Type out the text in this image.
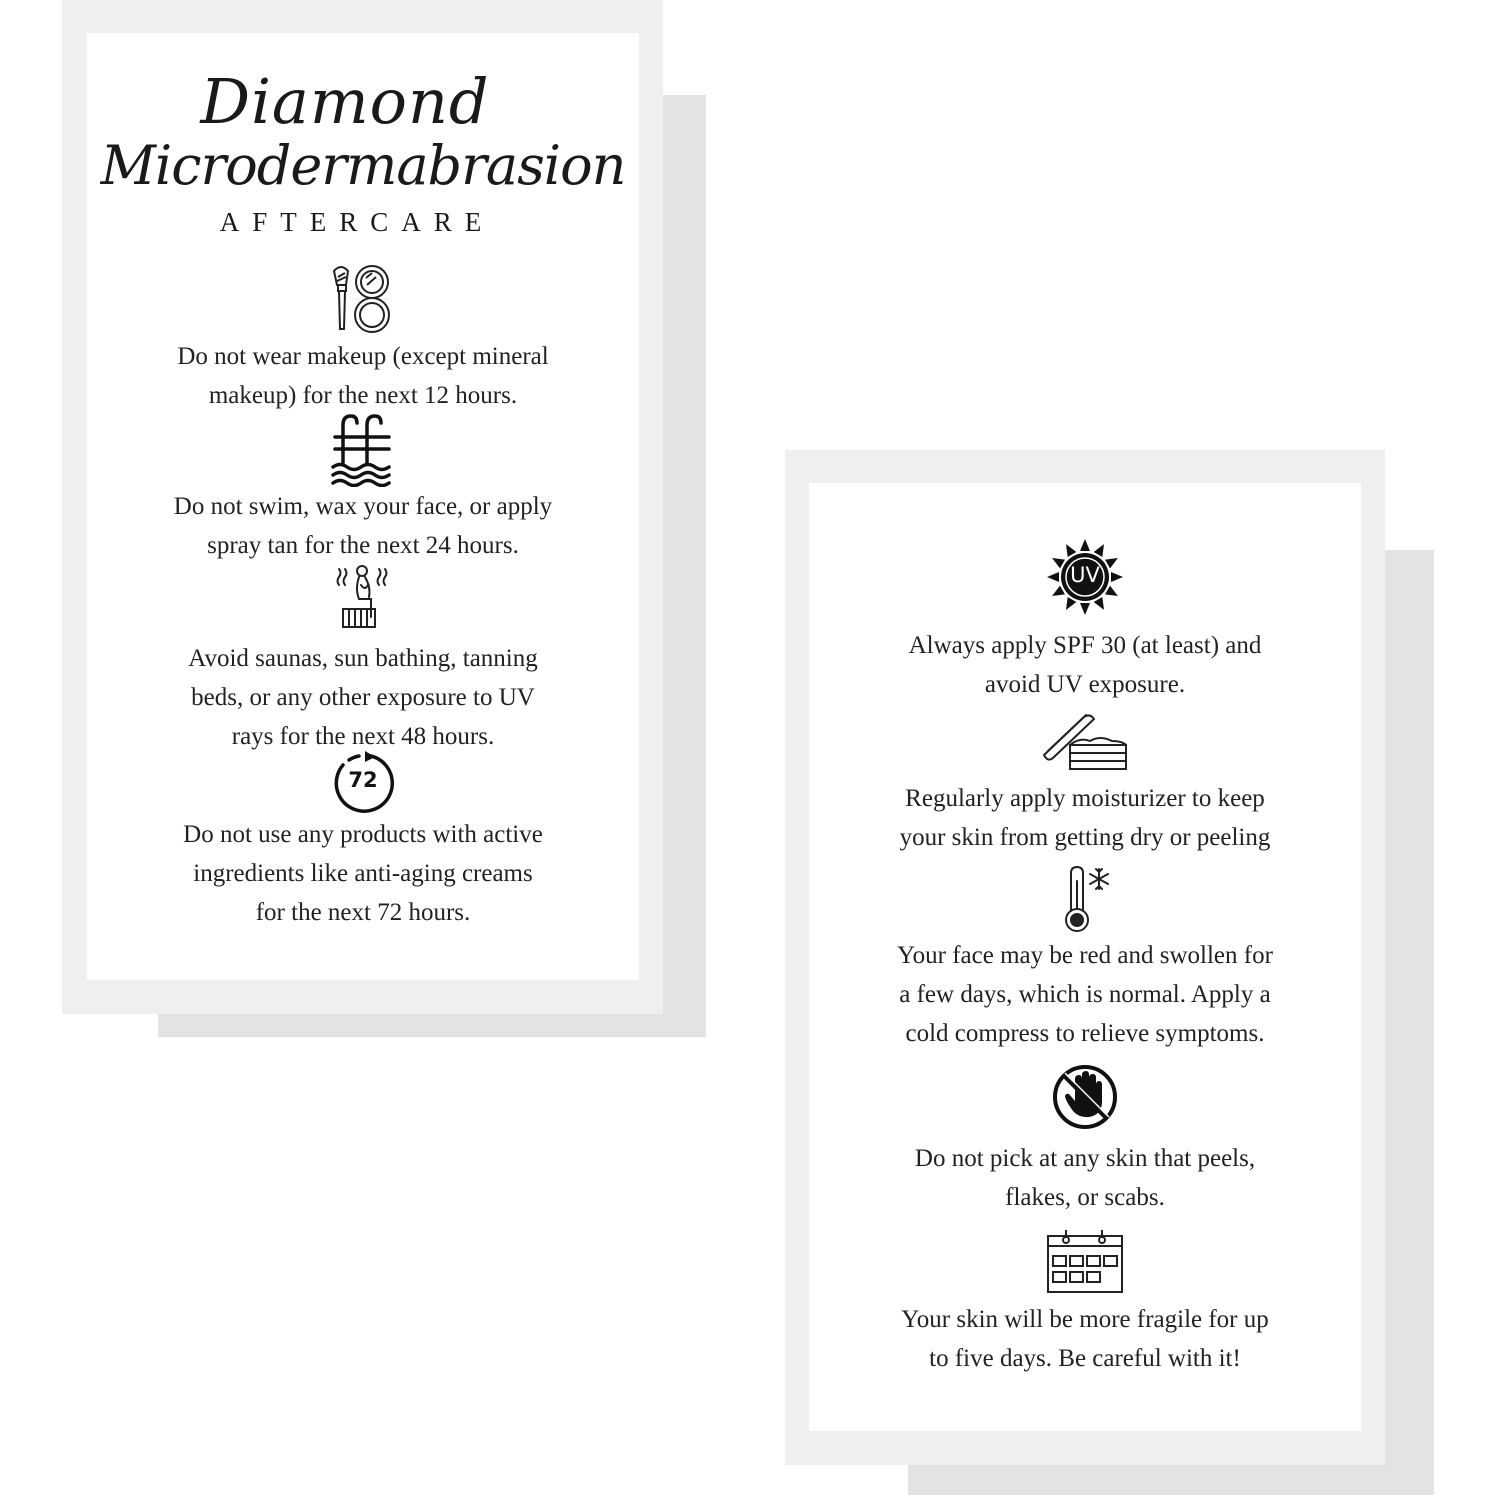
Diamond
Microdermabrasion
AFTERCARE
Do not wear makeup (except mineral
makeup) for the next 12 hours.
Do not swim, wax your face, or apply
spray tan for the next 24 hours.
Avoid saunas, sun bathing, tanning
beds, or any other exposure to UV
rays for the next 48 hours.
72
Do not use any products with active
ingredients like anti-aging creams
for the next 72 hours.
UV
Always apply SPF 30 (at least) and
avoid UV exposure.
Regularly apply moisturizer to keep
your skin from getting dry or peeling
Your face may be red and swollen for
a few days, which is normal. Apply a
cold compress to relieve symptoms.
Do not pick at any skin that peels,
flakes, or scabs.
Your skin will be more fragile for up
to five days. Be careful with it!
